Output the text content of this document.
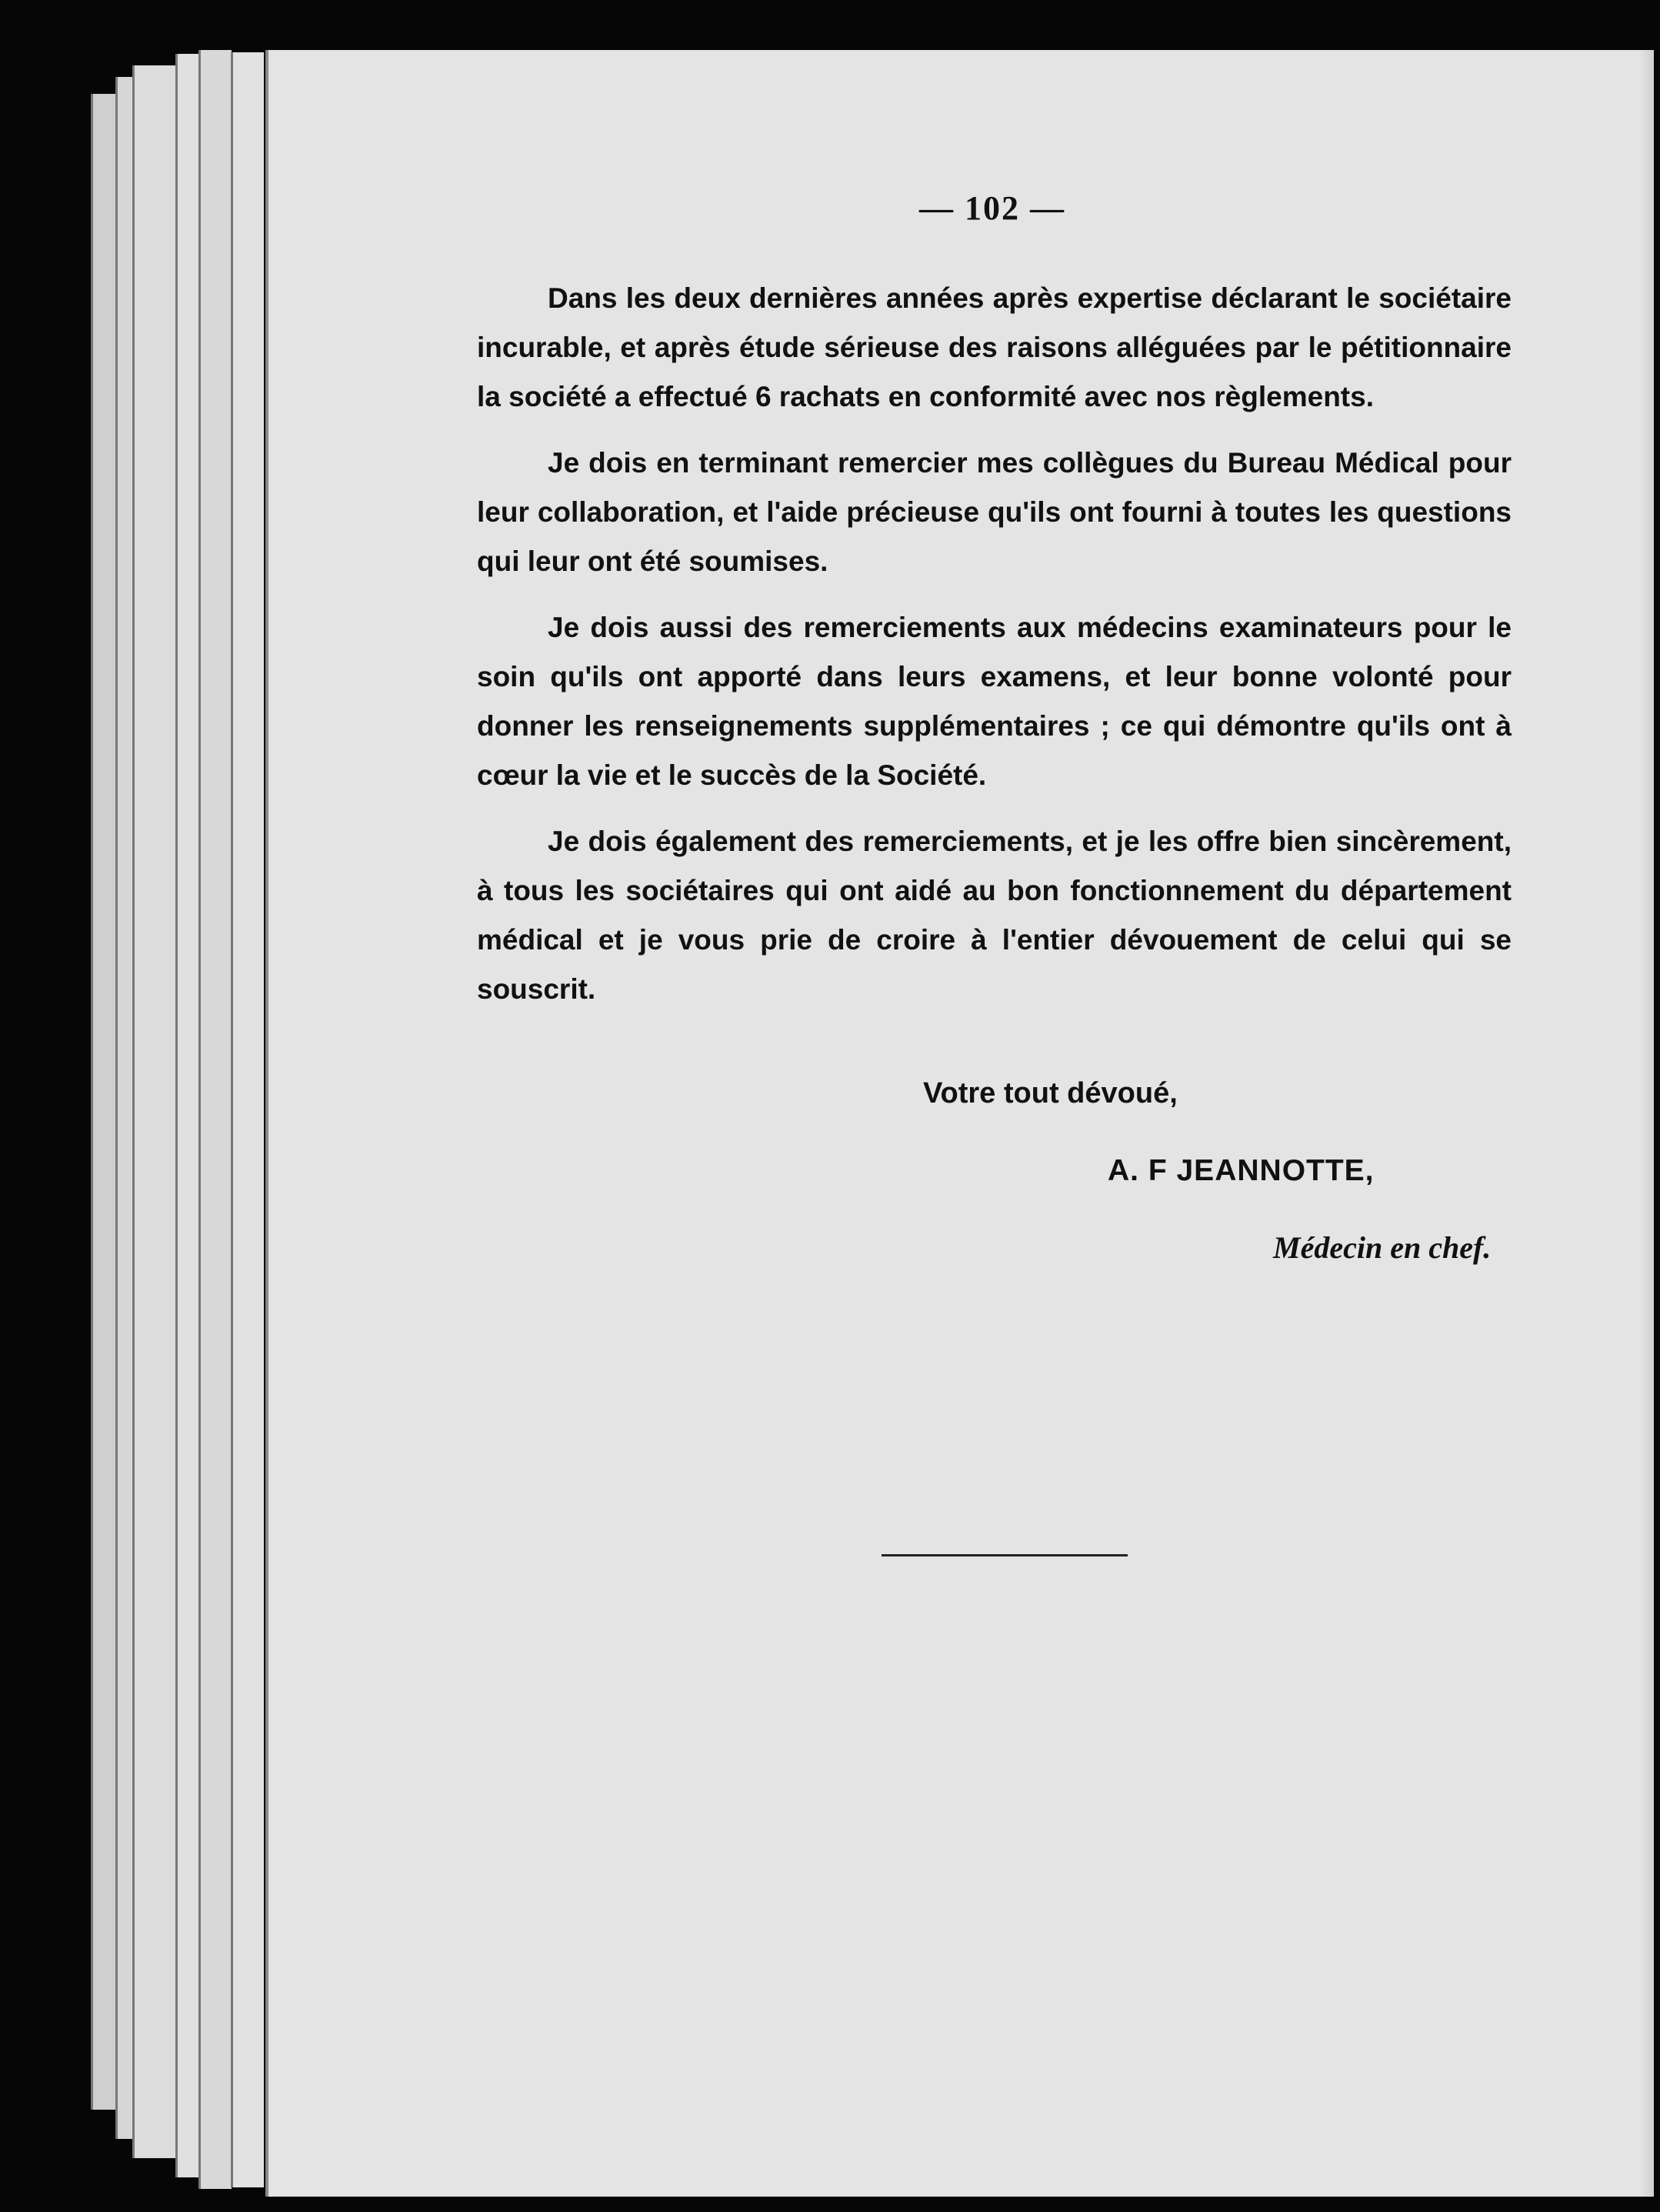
— 102 —

Dans les deux dernières années après expertise déclarant le sociétaire incurable, et après étude sérieuse des raisons alléguées par le pétitionnaire la société a effectué 6 rachats en conformité avec nos règlements.

Je dois en terminant remercier mes collègues du Bureau Médical pour leur collaboration, et l'aide précieuse qu'ils ont fourni à toutes les questions qui leur ont été soumises.

Je dois aussi des remerciements aux médecins examinateurs pour le soin qu'ils ont apporté dans leurs examens, et leur bonne volonté pour donner les renseignements supplémentaires ; ce qui démontre qu'ils ont à cœur la vie et le succès de la Société.

Je dois également des remerciements, et je les offre bien sincèrement, à tous les sociétaires qui ont aidé au bon fonctionnement du département médical et je vous prie de croire à l'entier dévouement de celui qui se souscrit.

Votre tout dévoué,
A. F JEANNOTTE,
Médecin en chef.
